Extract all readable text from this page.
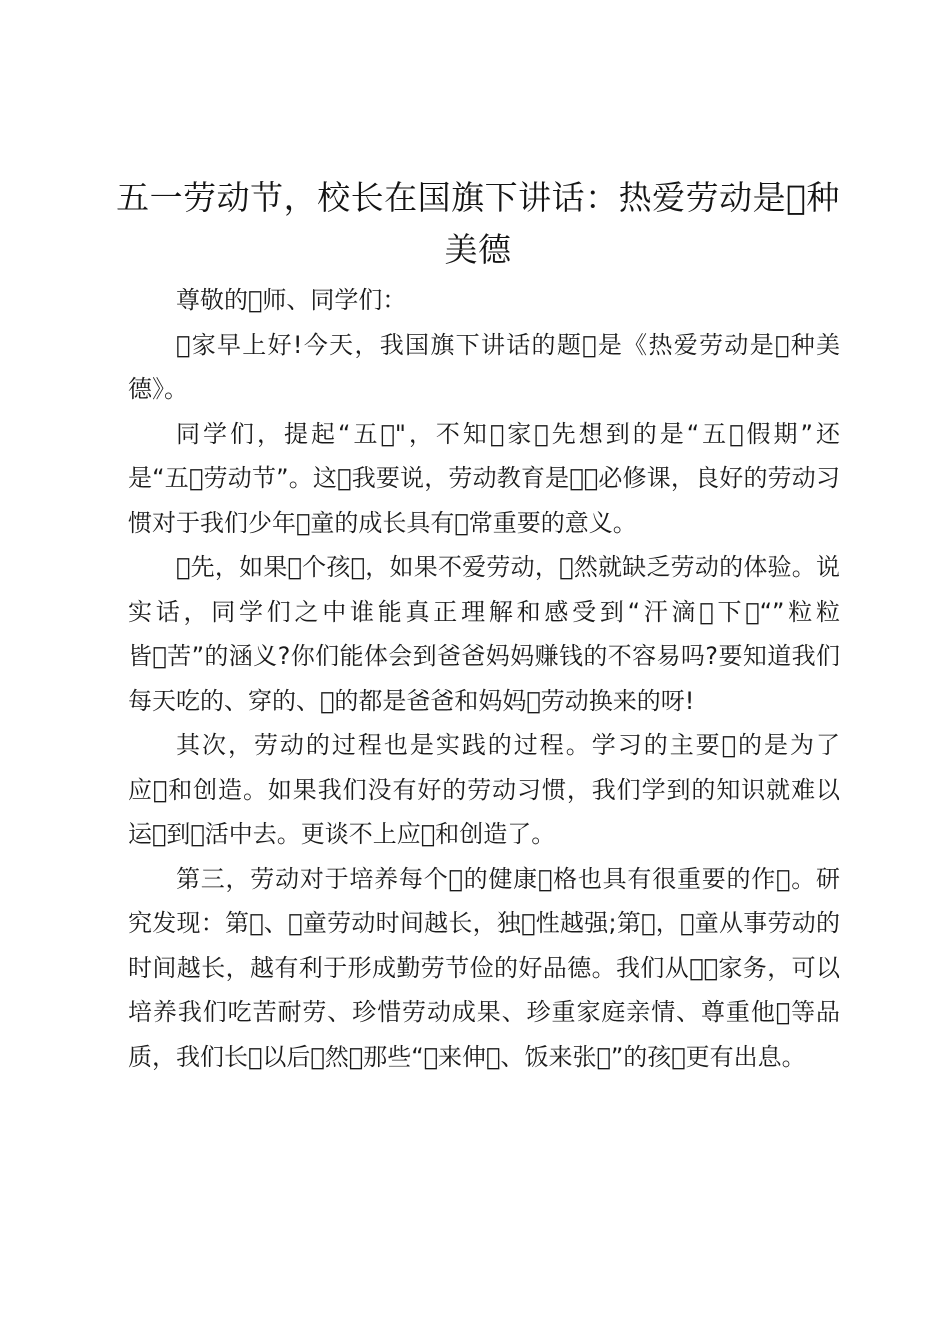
五一劳动节，校长在国旗下讲话：热爱劳动是 种美德

尊敬的 师、同学们：

 家早上好!今天，我国旗下讲话的题 是《热爱劳动是 种美德》。

同学们，提起“五 "，不知 家 先想到的是“五 假期”还是“五 劳动节”。这 我要说，劳动教育是  必修课，良好的劳动习惯对于我们少年 童的成长具有 常重要的意义。

 先，如果 个孩 ，如果不爱劳动， 然就缺乏劳动的体验。说实话，同学们之中谁能真正理解和感受到“汗滴 下 “”粒粒皆 苦”的涵义?你们能体会到爸爸妈妈赚钱的不容易吗?要知道我们每天吃的、穿的、 的都是爸爸和妈妈 劳动换来的呀!

其次，劳动的过程也是实践的过程。学习的主要 的是为了应 和创造。如果我们没有好的劳动习惯，我们学到的知识就难以运 到 活中去。更谈不上应 和创造了。

第三，劳动对于培养每个 的健康 格也具有很重要的作 。研究发现：第 、 童劳动时间越长，独 性越强;第 ， 童从事劳动的时间越长，越有利于形成勤劳节俭的好品德。我们从  家务，可以培养我们吃苦耐劳、珍惜劳动成果、珍重家庭亲情、尊重他 等品质，我们长 以后 然 那些“ 来伸 、饭来张 ”的孩 更有出息。
